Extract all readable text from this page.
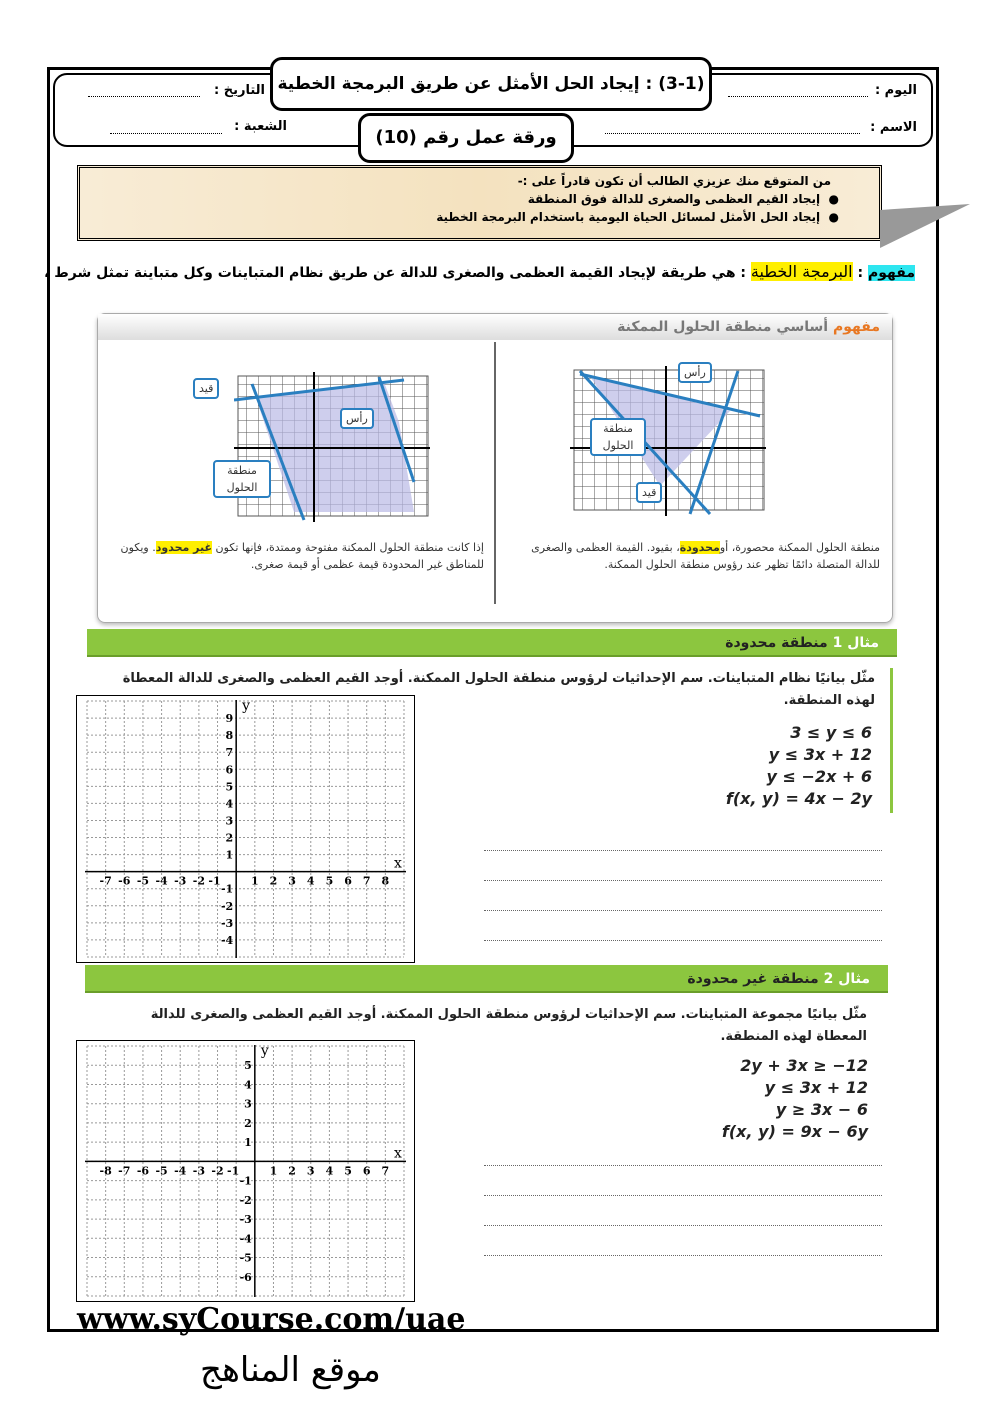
اليوم :
التاريخ :
الاسم :
الشعبة :
(3-1) : إيجاد الحل الأمثل عن طريق البرمجة الخطية
ورقة عمل رقم (10)
من المتوقع منك عزيزي الطالب أن تكون قادراً على :-
●  إيجاد القيم العظمى والصغرى للدالة فوق المنطقة
●  إيجاد الحل الأمثل لمسائل الحياة اليومية باستخدام البرمجة الخطية
مفهوم : البرمجة الخطية : هي طريقة لإيجاد القيمة العظمى والصغرى للدالة عن طريق نظام المتباينات وكل متباينة تمثل شرط ،
مفهوم أساسي منطقة الحلول الممكنة
رأس
منطقة الحلول
قيد
قيد
رأس
منطقة الحلول
منطقة الحلول الممكنة محصورة، أومحدودة، بقيود. القيمة العظمى والصغرى للدالة المتصلة دائمًا تظهر عند رؤوس منطقة الحلول الممكنة.
إذا كانت منطقة الحلول الممكنة مفتوحة وممتدة، فإنها تكون غير محدود. ويكون للمناطق غير المحدودة قيمة عظمى أو قيمة صغرى.
مثال 1 منطقة محدودة
مثّل بيانيًا نظام المتباينات. سم الإحداثيات لرؤوس منطقة الحلول الممكنة. أوجد القيم العظمى والصغرى للدالة المعطاة لهذه المنطقة.
3 ≤ y ≤ 6
y ≤ 3x + 12
y ≤ −2x + 6
f(x, y) = 4x − 2y
x
y
-7 -6 -5 -4 -3 -2 -1	1 2 3 4 5 6 7 8
-4
-3
-2
-1
1
2
3
4
5
6
7
8
9
مثال 2 منطقة غير محدودة
مثّل بيانيًا مجموعة المتباينات. سم الإحداثيات لرؤوس منطقة الحلول الممكنة. أوجد القيم العظمى والصغرى للدالة المعطاة لهذه المنطقة.
2y + 3x ≥ −12
y ≤ 3x + 12
y ≥ 3x − 6
f(x, y) = 9x − 6y
x
y
-8 -7 -6 -5 -4 -3 -2 -1	1 2 3 4 5 6 7
-6
-5
-4
-3
-2
-1
1
2
3
4
5
www.syCourse.com/uae
موقع المناهج
